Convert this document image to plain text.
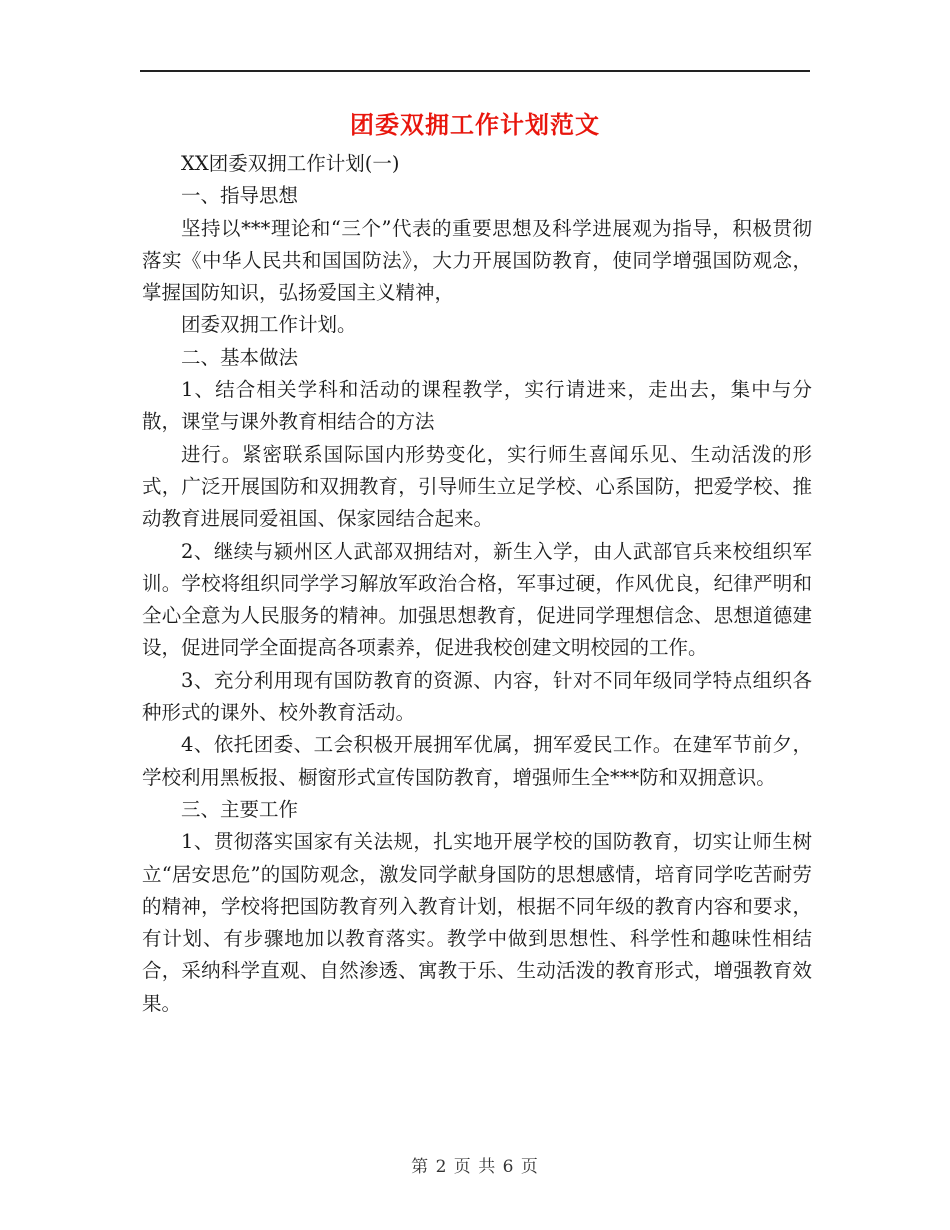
团委双拥工作计划范文

XX团委双拥工作计划(一)

一、指导思想

坚持以***理论和“三个”代表的重要思想及科学进展观为指导，积极贯彻落实《中华人民共和国国防法》，大力开展国防教育，使同学增强国防观念，掌握国防知识，弘扬爱国主义精神，

团委双拥工作计划。

二、基本做法

1、结合相关学科和活动的课程教学，实行请进来，走出去，集中与分散，课堂与课外教育相结合的方法

进行。紧密联系国际国内形势变化，实行师生喜闻乐见、生动活泼的形式，广泛开展国防和双拥教育，引导师生立足学校、心系国防，把爱学校、推动教育进展同爱祖国、保家园结合起来。

2、继续与颍州区人武部双拥结对，新生入学，由人武部官兵来校组织军训。学校将组织同学学习解放军政治合格，军事过硬，作风优良，纪律严明和全心全意为人民服务的精神。加强思想教育，促进同学理想信念、思想道德建设，促进同学全面提高各项素养，促进我校创建文明校园的工作。

3、充分利用现有国防教育的资源、内容，针对不同年级同学特点组织各种形式的课外、校外教育活动。

4、依托团委、工会积极开展拥军优属，拥军爱民工作。在建军节前夕，学校利用黑板报、橱窗形式宣传国防教育，增强师生全***防和双拥意识。

三、主要工作

1、贯彻落实国家有关法规，扎实地开展学校的国防教育，切实让师生树立“居安思危”的国防观念，激发同学献身国防的思想感情，培育同学吃苦耐劳的精神，学校将把国防教育列入教育计划，根据不同年级的教育内容和要求，有计划、有步骤地加以教育落实。教学中做到思想性、科学性和趣味性相结合，采纳科学直观、自然渗透、寓教于乐、生动活泼的教育形式，增强教育效果。

第 2 页 共 6 页
